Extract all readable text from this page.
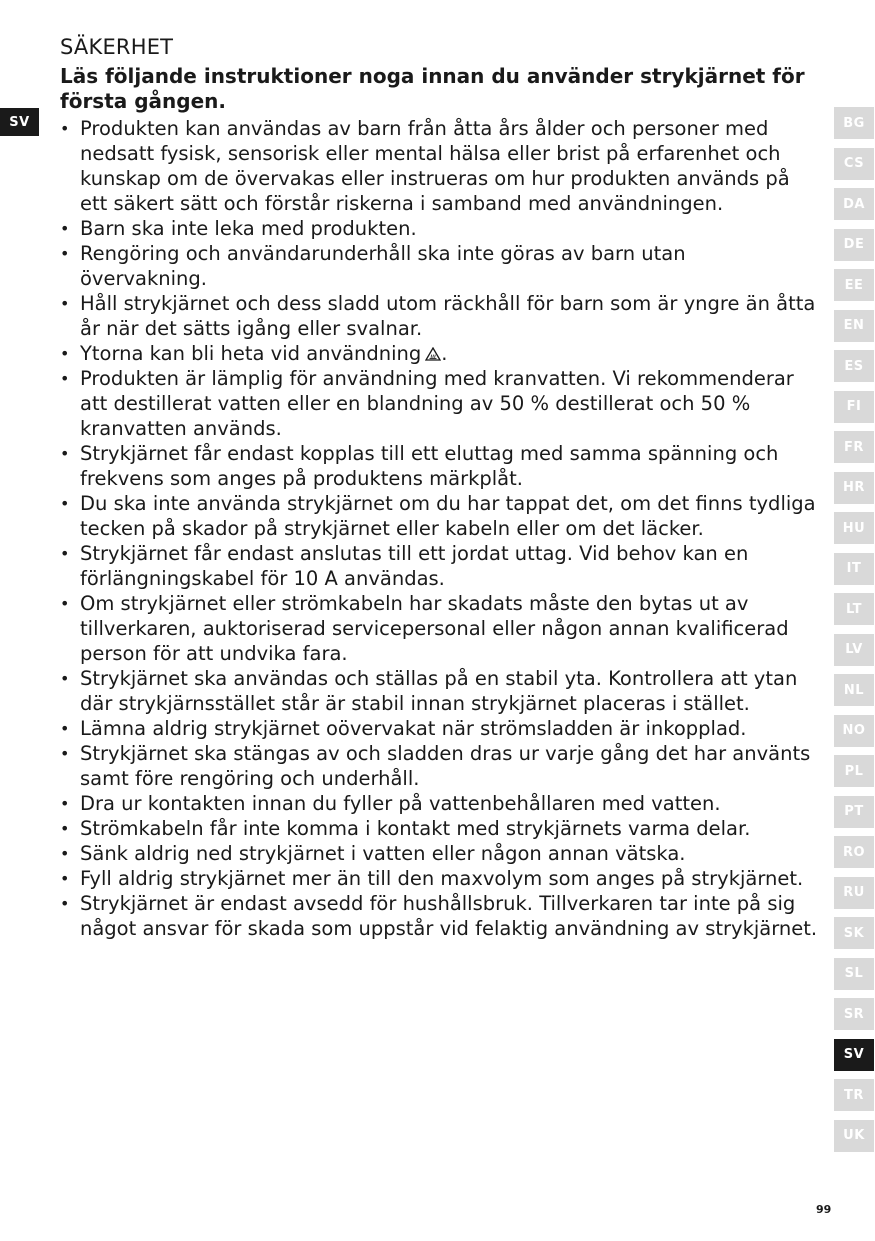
SV
SÄKERHET

Läs följande instruktioner noga innan du använder strykjärnet för första gången.

• Produkten kan användas av barn från åtta års ålder och personer med nedsatt fysisk, sensorisk eller mental hälsa eller brist på erfarenhet och kunskap om de övervakas eller instrueras om hur produkten används på ett säkert sätt och förstår riskerna i samband med användningen.
• Barn ska inte leka med produkten.
• Rengöring och användarunderhåll ska inte göras av barn utan övervakning.
• Håll strykjärnet och dess sladd utom räckhåll för barn som är yngre än åtta år när det sätts igång eller svalnar.
• Ytorna kan bli heta vid användning .
• Produkten är lämplig för användning med kranvatten. Vi rekommenderar att destillerat vatten eller en blandning av 50 % destillerat och 50 % kranvatten används.
• Strykjärnet får endast kopplas till ett eluttag med samma spänning och frekvens som anges på produktens märkplåt.
• Du ska inte använda strykjärnet om du har tappat det, om det finns tydliga tecken på skador på strykjärnet eller kabeln eller om det läcker.
• Strykjärnet får endast anslutas till ett jordat uttag. Vid behov kan en förlängningskabel för 10 A användas.
• Om strykjärnet eller strömkabeln har skadats måste den bytas ut av tillverkaren, auktoriserad servicepersonal eller någon annan kvalificerad person för att undvika fara.
• Strykjärnet ska användas och ställas på en stabil yta. Kontrollera att ytan där strykjärnsstället står är stabil innan strykjärnet placeras i stället.
• Lämna aldrig strykjärnet oövervakat när strömsladden är inkopplad.
• Strykjärnet ska stängas av och sladden dras ur varje gång det har använts samt före rengöring och underhåll.
• Dra ur kontakten innan du fyller på vattenbehållaren med vatten.
• Strömkabeln får inte komma i kontakt med strykjärnets varma delar.
• Sänk aldrig ned strykjärnet i vatten eller någon annan vätska.
• Fyll aldrig strykjärnet mer än till den maxvolym som anges på strykjärnet.
• Strykjärnet är endast avsedd för hushållsbruk. Tillverkaren tar inte på sig något ansvar för skada som uppstår vid felaktig användning av strykjärnet.
BG
CS
DA
DE
EE
EN
ES
FI
FR
HR
HU
IT
LT
LV
NL
NO
PL
PT
RO
RU
SK
SL
SR
SV
TR
UK
99
